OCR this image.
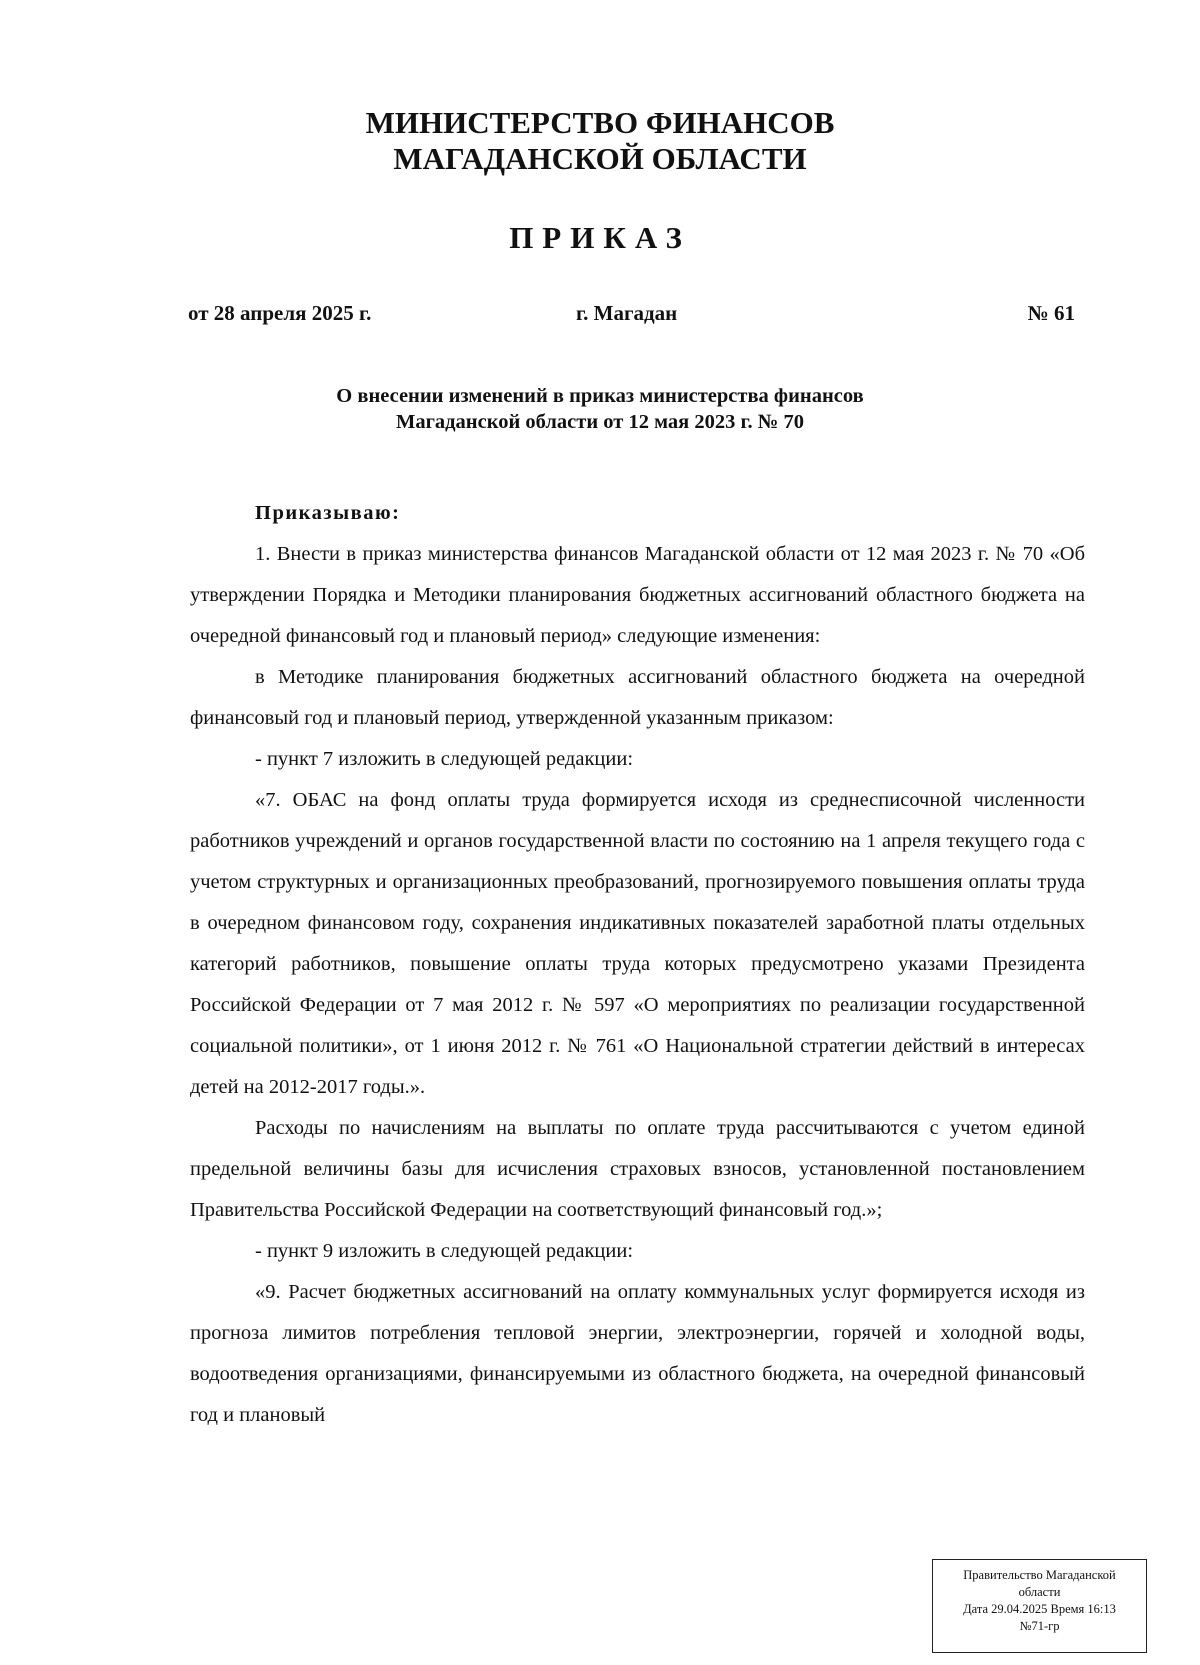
МИНИСТЕРСТВО ФИНАНСОВ
МАГАДАНСКОЙ ОБЛАСТИ
ПРИКАЗ
от 28 апреля 2025 г.	г. Магадан	№ 61
О внесении изменений в приказ министерства финансов
Магаданской области от 12 мая 2023 г. № 70

Приказываю:

1. Внести в приказ министерства финансов Магаданской области от 12 мая 2023 г. № 70 «Об утверждении Порядка и Методики планирования бюджетных ассигнований областного бюджета на очередной финансовый год и плановый период» следующие изменения:

в Методике планирования бюджетных ассигнований областного бюджета на очередной финансовый год и плановый период, утвержденной указанным приказом:

- пункт 7 изложить в следующей редакции:

«7. ОБАС на фонд оплаты труда формируется исходя из среднесписочной численности работников учреждений и органов государственной власти по состоянию на 1 апреля текущего года с учетом структурных и организационных преобразований, прогнозируемого повышения оплаты труда в очередном финансовом году, сохранения индикативных показателей заработной платы отдельных категорий работников, повышение оплаты труда которых предусмотрено указами Президента Российской Федерации от 7 мая 2012 г. № 597 «О мероприятиях по реализации государственной социальной политики», от 1 июня 2012 г. № 761 «О Национальной стратегии действий в интересах детей на 2012-2017 годы.».

Расходы по начислениям на выплаты по оплате труда рассчитываются с учетом единой предельной величины базы для исчисления страховых взносов, установленной постановлением Правительства Российской Федерации на соответствующий финансовый год.»;

- пункт 9 изложить в следующей редакции:

«9. Расчет бюджетных ассигнований на оплату коммунальных услуг формируется исходя из прогноза лимитов потребления тепловой энергии, электроэнергии, горячей и холодной воды, водоотведения организациями, финансируемыми из областного бюджета, на очередной финансовый год и плановый

Правительство Магаданской
области
Дата 29.04.2025 Время 16:13
№71-гр
